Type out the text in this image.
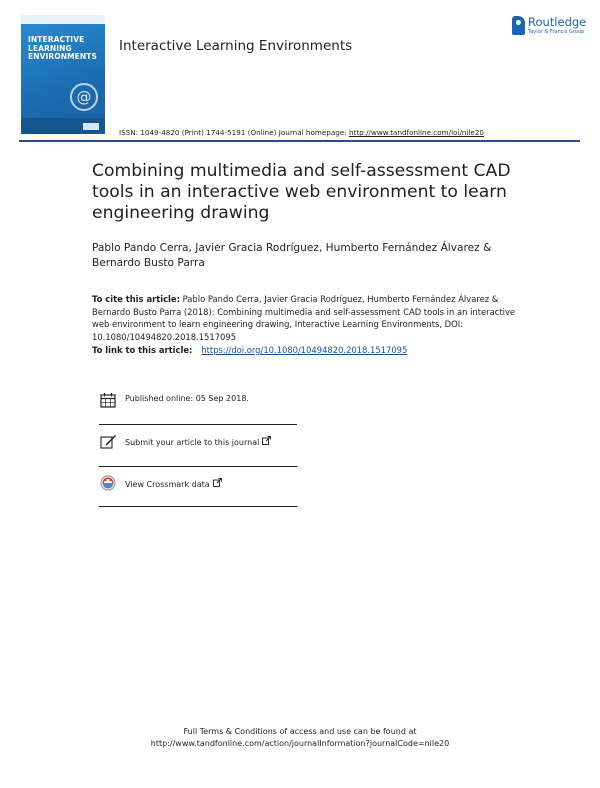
INTERACTIVE
LEARNING
ENVIRONMENTS
@
Interactive Learning Environments
Routledge
Taylor & Francis Group
ISSN: 1049-4820 (Print) 1744-5191 (Online) Journal homepage: http://www.tandfonline.com/loi/nile20
Combining multimedia and self-assessment CAD
tools in an interactive web environment to learn
engineering drawing
Pablo Pando Cerra, Javier Gracia Rodríguez, Humberto Fernández Álvarez &
Bernardo Busto Parra
To cite this article: Pablo Pando Cerra, Javier Gracia Rodríguez, Humberto Fernández Álvarez & Bernardo Busto Parra (2018): Combining multimedia and self-assessment CAD tools in an interactive web environment to learn engineering drawing, Interactive Learning Environments, DOI: 10.1080/10494820.2018.1517095
To link to this article: https://doi.org/10.1080/10494820.2018.1517095
Published online: 05 Sep 2018.
Submit your article to this journal
View Crossmark data
Full Terms & Conditions of access and use can be found at
http://www.tandfonline.com/action/journalInformation?journalCode=nile20
